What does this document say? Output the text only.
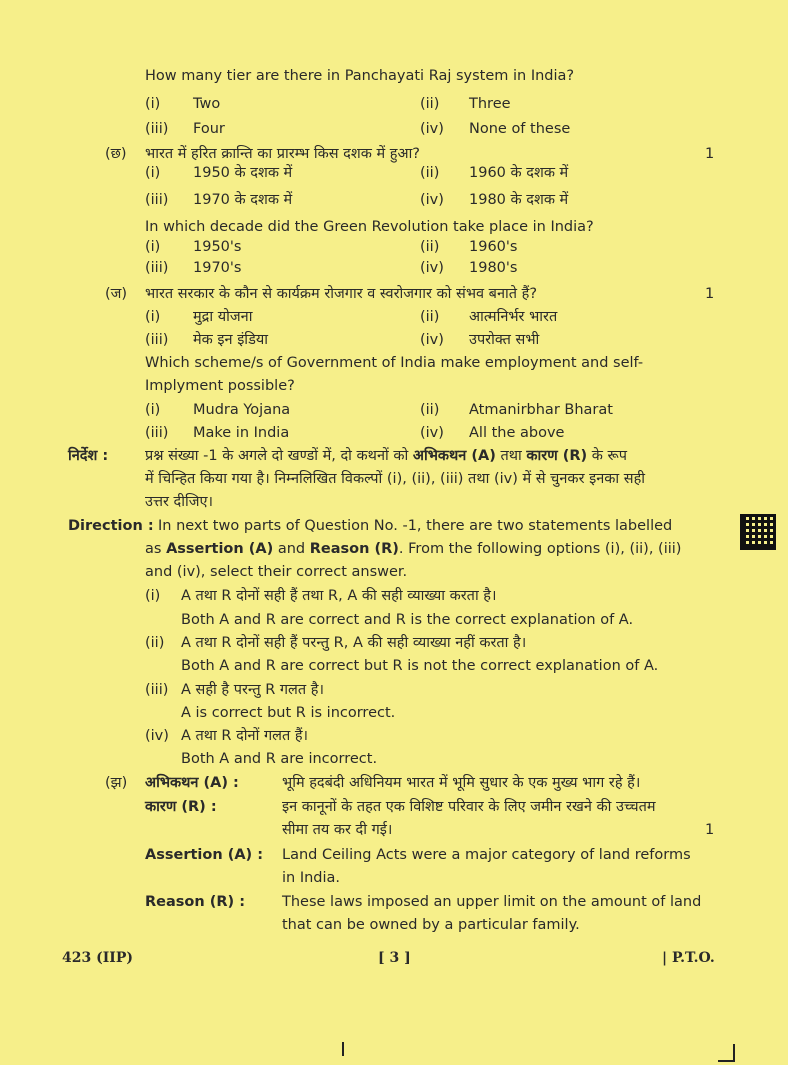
How many tier are there in Panchayati Raj system in India?
(i) Two	(ii) Three
(iii) Four	(iv) None of these
(छ) भारत में हरित क्रान्ति का प्रारम्भ किस दशक में हुआ?	1
(i) 1950 के दशक में	(ii) 1960 के दशक में
(iii) 1970 के दशक में	(iv) 1980 के दशक में
In which decade did the Green Revolution take place in India?
(i) 1950's	(ii) 1960's
(iii) 1970's	(iv) 1980's
(ज) भारत सरकार के कौन से कार्यक्रम रोजगार व स्वरोजगार को संभव बनाते हैं?	1
(i) मुद्रा योजना	(ii) आत्मनिर्भर भारत
(iii) मेक इन इंडिया	(iv) उपरोक्त सभी
Which scheme/s of Government of India make employment and self-
Implyment possible?
(i) Mudra Yojana	(ii) Atmanirbhar Bharat
(iii) Make in India	(iv) All the above
निर्देश :	प्रश्न संख्या -1 के अगले दो खण्डों में, दो कथनों को अभिकथन (A) तथा कारण (R) के रूप
में चिन्हित किया गया है। निम्नलिखित विकल्पों (i), (ii), (iii) तथा (iv) में से चुनकर इनका सही
उत्तर दीजिए।
Direction : In next two parts of Question No. -1, there are two statements labelled
as Assertion (A) and Reason (R). From the following options (i), (ii), (iii)
and (iv), select their correct answer.
(i) A तथा R दोनों सही हैं तथा R, A की सही व्याख्या करता है।
Both A and R are correct and R is the correct explanation of A.
(ii) A तथा R दोनों सही हैं परन्तु R, A की सही व्याख्या नहीं करता है।
Both A and R are correct but R is not the correct explanation of A.
(iii) A सही है परन्तु R गलत है।
A is correct but R is incorrect.
(iv) A तथा R दोनों गलत हैं।
Both A and R are incorrect.
(झ) अभिकथन (A) :	भूमि हदबंदी अधिनियम भारत में भूमि सुधार के एक मुख्य भाग रहे हैं।
कारण (R) :	इन कानूनों के तहत एक विशिष्ट परिवार के लिए जमीन रखने की उच्चतम
सीमा तय कर दी गई।	1
Assertion (A) : Land Ceiling Acts were a major category of land reforms
in India.
Reason (R) :	These laws imposed an upper limit on the amount of land
that can be owned by a particular family.
423 (IIP)	[ 3 ]	| P.T.O.
